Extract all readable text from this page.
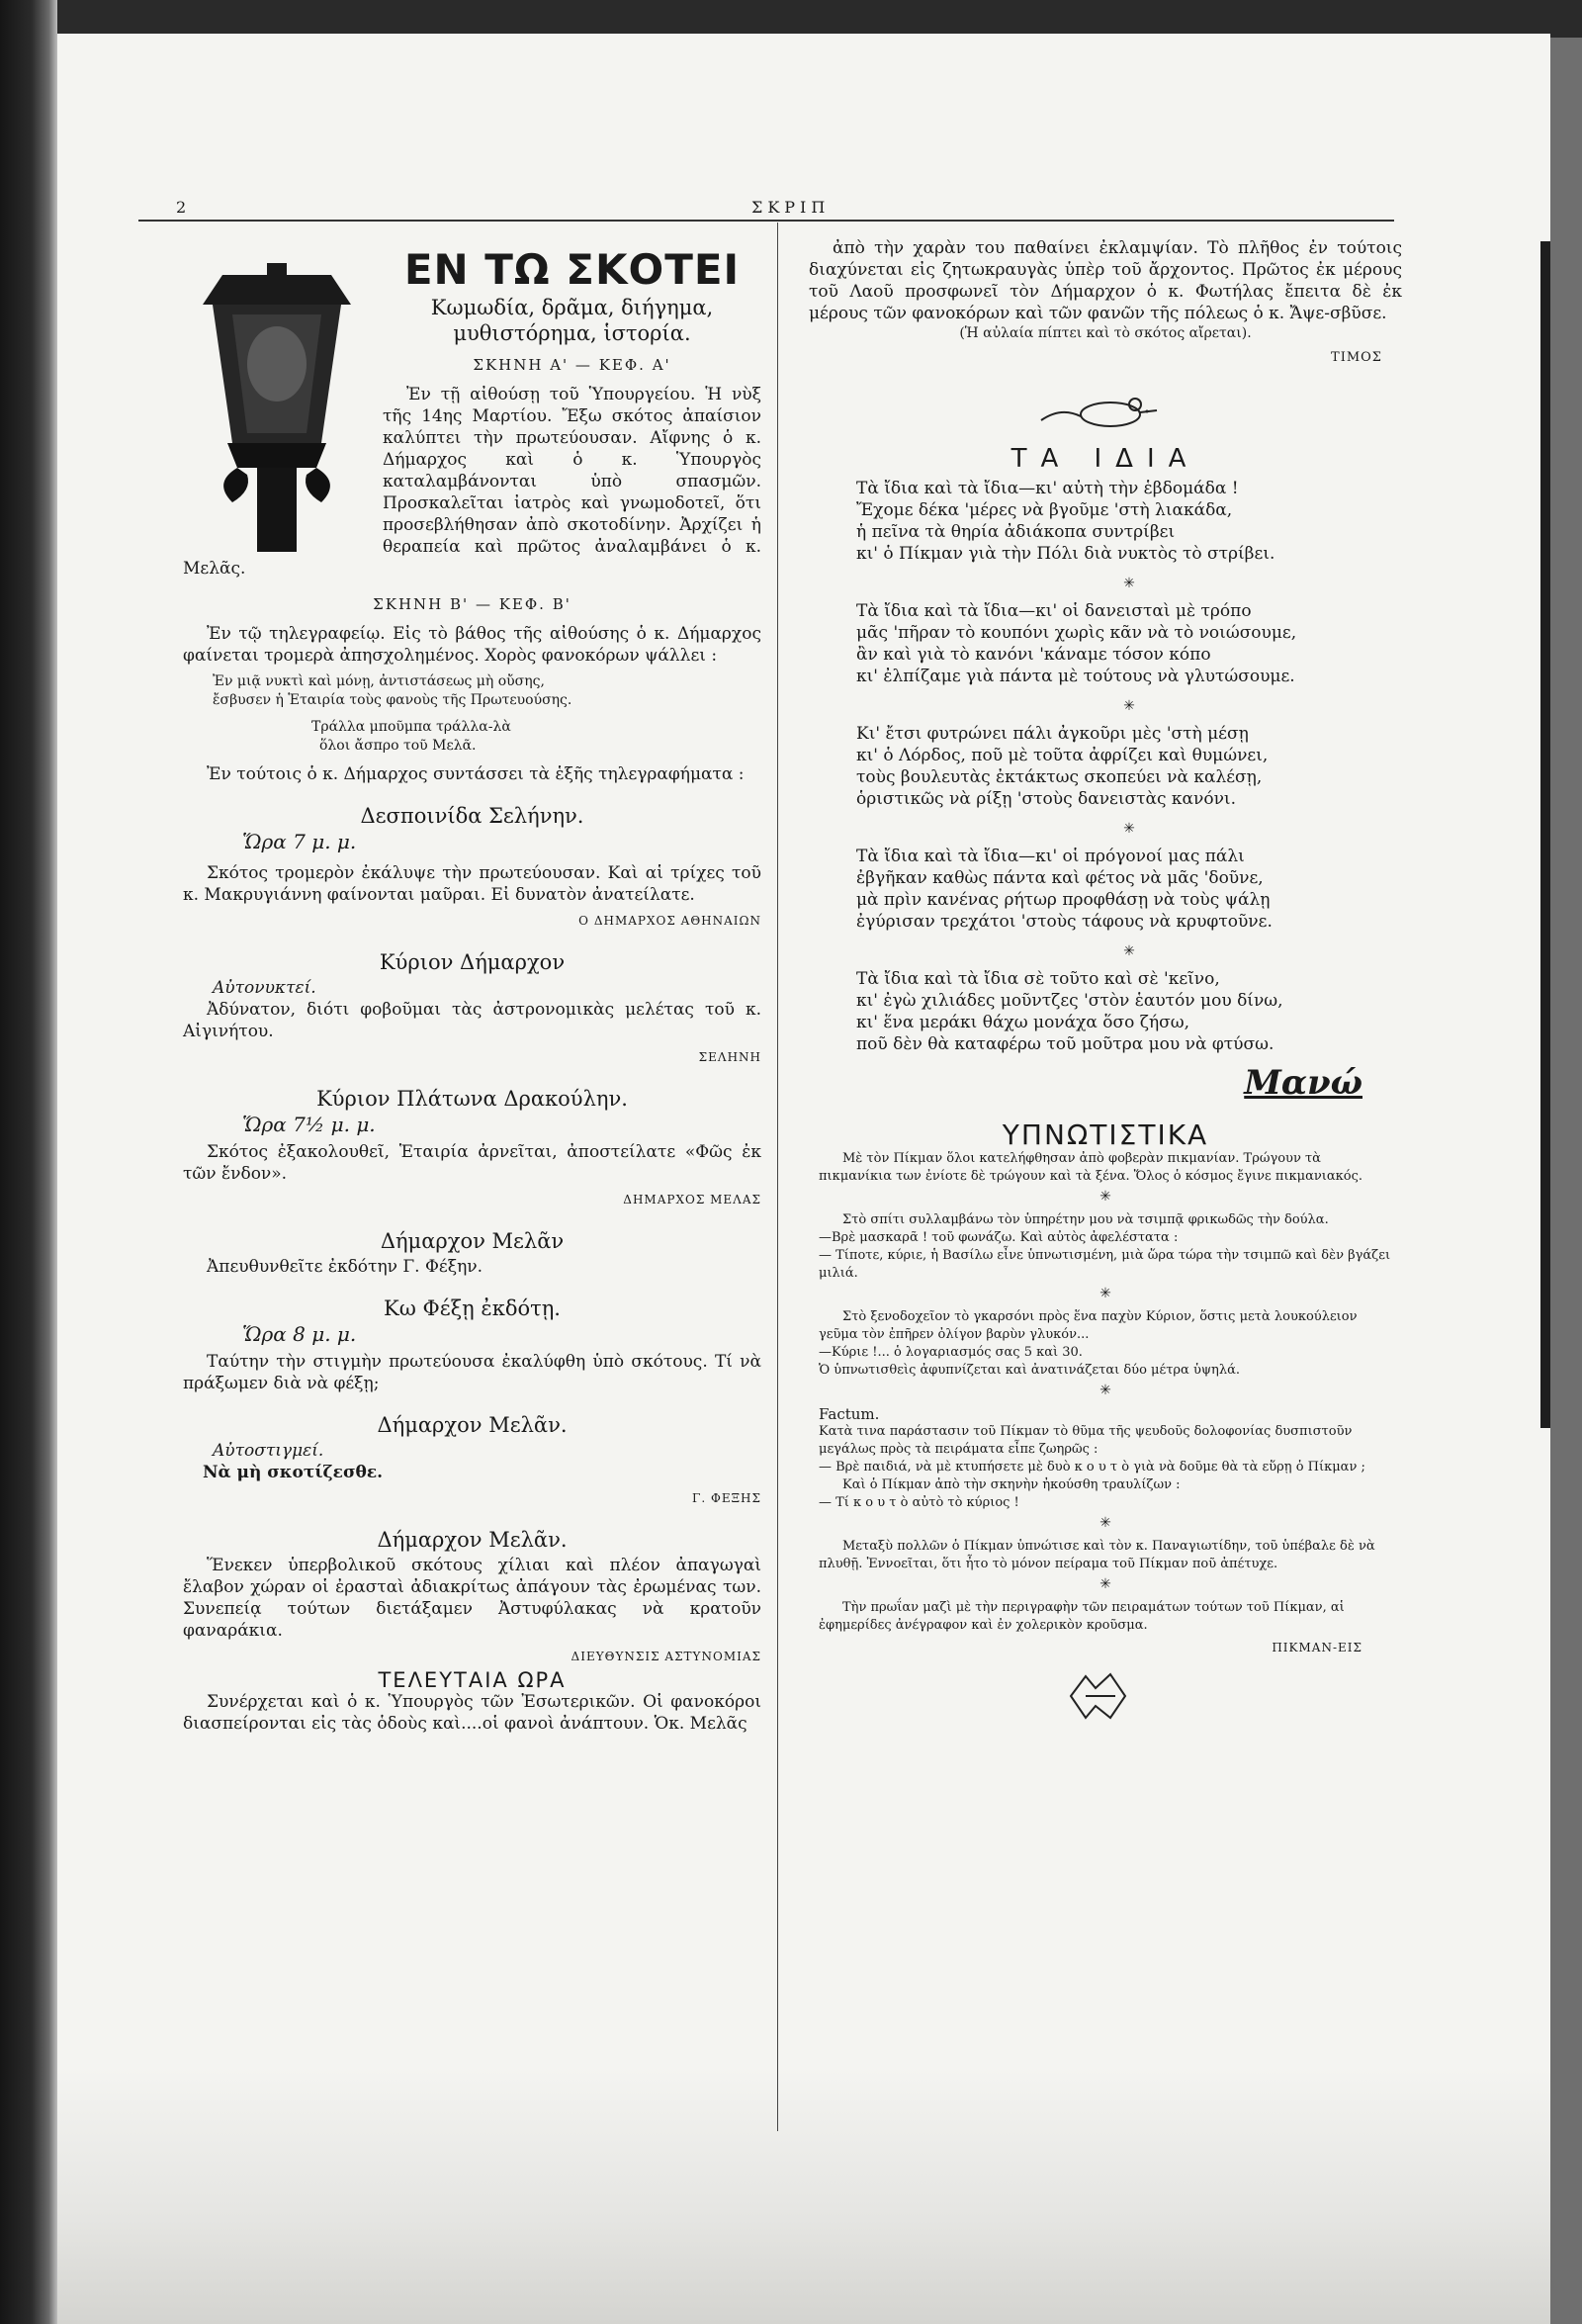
2	ΣΚΡΙΠ
ΕΝ ΤΩ ΣΚΟΤΕΙ
Κωμωδία, δρᾶμα, διήγημα,
μυθιστόρημα, ἱστορία.
ΣΚΗΝΗ Α' — ΚΕΦ. Α'

Ἐν τῇ αἰθούσῃ τοῦ Ὑπουργείου. Ἡ νὺξ τῆς 14ης Μαρτίου. Ἔξω σκότος ἀπαίσιον καλύπτει τὴν πρωτεύουσαν. Αἴφνης ὁ κ. Δήμαρχος καὶ ὁ κ. Ὑπουργὸς καταλαμβάνονται ὑπὸ σπασμῶν. Προσκαλεῖται ἰατρὸς καὶ γνωμοδοτεῖ, ὅτι προσεβλήθησαν ἀπὸ σκοτοδίνην. Ἀρχίζει ἡ θεραπεία καὶ πρῶτος ἀναλαμβάνει ὁ κ. Μελᾶς.

ΣΚΗΝΗ Β' — ΚΕΦ. Β'

Ἐν τῷ τηλεγραφείῳ. Εἰς τὸ βάθος τῆς αἰθούσης ὁ κ. Δήμαρχος φαίνεται τρομερὰ ἀπησχολημένος. Χορὸς φανοκόρων ψάλλει :

Ἐν μιᾷ νυκτὶ καὶ μόνῃ, ἀντιστάσεως μὴ οὔσης,
ἔσβυσεν ἡ Ἑταιρία τοὺς φανοὺς τῆς Πρωτευούσης.
Τράλλα μποῦμπα τράλλα-λὰ
ὅλοι ἄσπρο τοῦ Μελᾶ.

Ἐν τούτοις ὁ κ. Δήμαρχος συντάσσει τὰ ἑξῆς τηλεγραφήματα :

Δεσποινίδα Σελήνην.
Ὥρα 7 μ. μ.

Σκότος τρομερὸν ἐκάλυψε τὴν πρωτεύουσαν. Καὶ αἱ τρίχες τοῦ κ. Μακρυγιάννη φαίνονται μαῦραι. Εἰ δυνατὸν ἀνατείλατε.

Ο ΔΗΜΑΡΧΟΣ ΑΘΗΝΑΙΩΝ
Κύριον Δήμαρχον
Αὐτονυκτεί.

Ἀδύνατον, διότι φοβοῦμαι τὰς ἀστρονομικὰς μελέτας τοῦ κ. Αἰγινήτου.

ΣΕΛΗΝΗ
Κύριον Πλάτωνα Δρακούλην.
Ὥρα 7½ μ. μ.

Σκότος ἐξακολουθεῖ, Ἑταιρία ἀρνεῖται, ἀποστείλατε «Φῶς ἐκ τῶν ἔνδον».

ΔΗΜΑΡΧΟΣ ΜΕΛΑΣ
Δήμαρχον Μελᾶν

Ἀπευθυνθεῖτε ἐκδότην Γ. Φέξην.

Κω Φέξῃ ἐκδότῃ.
Ὥρα 8 μ. μ.

Ταύτην τὴν στιγμὴν πρωτεύουσα ἐκαλύφθη ὑπὸ σκότους. Τί νὰ πράξωμεν διὰ νὰ φέξῃ;

Δήμαρχον Μελᾶν.
Αὐτοστιγμεί.
Νὰ μὴ σκοτίζεσθε.
Γ. ΦΕΞΗΣ
Δήμαρχον Μελᾶν.

Ἕνεκεν ὑπερβολικοῦ σκότους χίλιαι καὶ πλέον ἀπαγωγαὶ ἔλαβον χώραν οἱ ἐρασταὶ ἀδιακρίτως ἀπάγουν τὰς ἐρωμένας των. Συνεπείᾳ τούτων διετάξαμεν Ἀστυφύλακας νὰ κρατοῦν φαναράκια.

ΔΙΕΥΘΥΝΣΙΣ ΑΣΤΥΝΟΜΙΑΣ
ΤΕΛΕΥΤΑΙΑ ΩΡΑ

Συνέρχεται καὶ ὁ κ. Ὑπουργὸς τῶν Ἐσωτερικῶν. Οἱ φανοκόροι διασπείρονται εἰς τὰς ὁδοὺς καὶ....οἱ φανοὶ ἀνάπτουν. Ὁκ. Μελᾶς

ἀπὸ τὴν χαρὰν του παθαίνει ἐκλαμψίαν. Τὸ πλῆθος ἐν τούτοις διαχύνεται εἰς ζητωκραυγὰς ὑπὲρ τοῦ ἄρχοντος. Πρῶτος ἐκ μέρους τοῦ Λαοῦ προσφωνεῖ τὸν Δήμαρχον ὁ κ. Φωτήλας ἔπειτα δὲ ἐκ μέρους τῶν φανοκόρων καὶ τῶν φανῶν τῆς πόλεως ὁ κ. Ἄψε-σβῦσε.

(Ἡ αὐλαία πίπτει καὶ τὸ σκότος αἴρεται).
ΤΙΜΟΣ
ΤΑ ΙΔΙΑ
Τὰ ἴδια καὶ τὰ ἴδια—κι' αὐτὴ τὴν ἑβδομάδα !
Ἔχομε δέκα 'μέρες νὰ βγοῦμε 'στὴ λιακάδα,
ἡ πεῖνα τὰ θηρία ἀδιάκοπα συντρίβει
κι' ὁ Πίκμαν γιὰ τὴν Πόλι διὰ νυκτὸς τὸ στρίβει.
✳
Τὰ ἴδια καὶ τὰ ἴδια—κι' οἱ δανεισταὶ μὲ τρόπο
μᾶς 'πῆραν τὸ κουπόνι χωρὶς κᾶν νὰ τὸ νοιώσουμε,
ἂν καὶ γιὰ τὸ κανόνι 'κάναμε τόσον κόπο
κι' ἐλπίζαμε γιὰ πάντα μὲ τούτους νὰ γλυτώσουμε.
✳
Κι' ἔτσι φυτρώνει πάλι ἀγκοῦρι μὲς 'στὴ μέσῃ
κι' ὁ Λόρδος, ποῦ μὲ τοῦτα ἀφρίζει καὶ θυμώνει,
τοὺς βουλευτὰς ἐκτάκτως σκοπεύει νὰ καλέσῃ,
ὁριστικῶς νὰ ρίξῃ 'στοὺς δανειστὰς κανόνι.
✳
Τὰ ἴδια καὶ τὰ ἴδια—κι' οἱ πρόγονοί μας πάλι
ἐβγῆκαν καθὼς πάντα καὶ φέτος νὰ μᾶς 'δοῦνε,
μὰ πρὶν κανένας ρήτωρ προφθάσῃ νὰ τοὺς ψάλῃ
ἐγύρισαν τρεχάτοι 'στοὺς τάφους νὰ κρυφτοῦνε.
✳
Τὰ ἴδια καὶ τὰ ἴδια σὲ τοῦτο καὶ σὲ 'κεῖνο,
κι' ἐγὼ χιλιάδες μοῦντζες 'στὸν ἑαυτόν μου δίνω,
κι' ἕνα μεράκι θάχω μονάχα ὅσο ζήσω,
ποῦ δὲν θὰ καταφέρω τοῦ μοῦτρα μου νὰ φτύσω.
Μανώ
ΥΠΝΩΤΙΣΤΙΚΑ

Μὲ τὸν Πίκμαν ὅλοι κατελήφθησαν ἀπὸ φοβερὰν πικμανίαν. Τρώγουν τὰ πικμανίκια των ἐνίοτε δὲ τρώγουν καὶ τὰ ξένα. Ὅλος ὁ κόσμος ἔγινε πικμανιακός.

✳

Στὸ σπίτι συλλαμβάνω τὸν ὑπηρέτην μου νὰ τσιμπᾷ φρικωδῶς τὴν δούλα.

—Βρὲ μασκαρᾶ ! τοῦ φωνάζω. Καὶ αὐτὸς ἀφελέστατα :

— Τίποτε, κύριε, ἡ Βασίλω εἶνε ὑπνωτισμένη, μιὰ ὥρα τώρα τὴν τσιμπῶ καὶ δὲν βγάζει μιλιά.

✳

Στὸ ξενοδοχεῖον τὸ γκαρσόνι πρὸς ἕνα παχὺν Κύριον, ὅστις μετὰ λουκούλειον γεῦμα τὸν ἐπῆρεν ὀλίγον βαρὺν γλυκόν...

—Κύριε !... ὁ λογαριασμός σας 5 καὶ 30.

Ὁ ὑπνωτισθεὶς ἀφυπνίζεται καὶ ἀνατινάζεται δύο μέτρα ὑψηλά.

✳

Factum.

Κατὰ τινα παράστασιν τοῦ Πίκμαν τὸ θῦμα τῆς ψευδοῦς δολοφονίας δυσπιστοῦν μεγάλως πρὸς τὰ πειράματα εἶπε ζωηρῶς :

— Βρὲ παιδιά, νὰ μὲ κτυπήσετε μὲ δυὸ κ ο υ τ ὸ γιὰ νὰ δοῦμε θὰ τὰ εὕρῃ ὁ Πίκμαν ;

Καὶ ὁ Πίκμαν ἀπὸ τὴν σκηνὴν ἠκούσθη τραυλίζων :

— Τί κ ο υ τ ὸ αὐτὸ τὸ κύριος !

✳

Μεταξὺ πολλῶν ὁ Πίκμαν ὑπνώτισε καὶ τὸν κ. Παναγιωτίδην, τοῦ ὑπέβαλε δὲ νὰ πλυθῇ. Ἐννοεῖται, ὅτι ἦτο τὸ μόνον πείραμα τοῦ Πίκμαν ποῦ ἀπέτυχε.

✳

Τὴν πρωΐαν μαζὶ μὲ τὴν περιγραφὴν τῶν πειραμάτων τούτων τοῦ Πίκμαν, αἱ ἐφημερίδες ἀνέγραφον καὶ ἐν χολερικὸν κροῦσμα.

ΠΙΚΜΑΝ-ΕΙΣ
